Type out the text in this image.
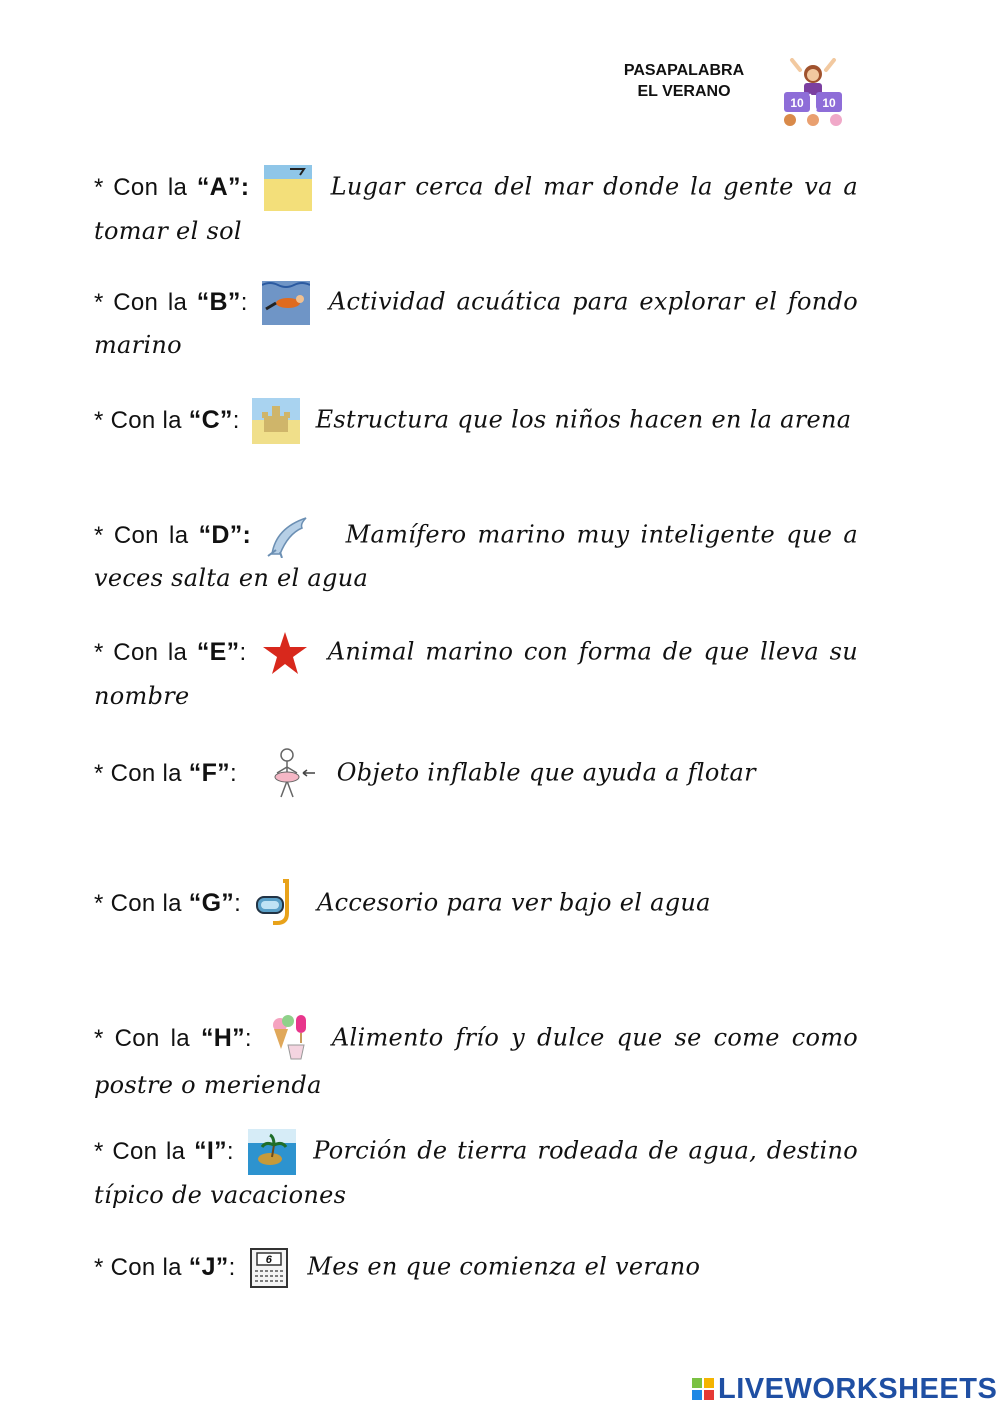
PASAPALABRA
EL VERANO
10 10
* Con la “A”:	Lugar cerca del mar donde la gente va a tomar el sol
* Con la “B”:	Actividad acuática para explorar el fondo marino
* Con la “C”:	Estructura que los niños hacen en la arena
* Con la “D”:	Mamífero marino muy inteligente que a veces salta en el agua
* Con la “E”:	Animal marino con forma de que lleva su nombre
* Con la “F”:	Objeto inflable que ayuda a flotar
* Con la “G”:	Accesorio para ver bajo el agua
* Con la “H”:	Alimento frío y dulce que se come como postre o merienda
* Con la “I”:	Porción de tierra rodeada de agua, destino típico de vacaciones
* Con la “J”:	6 Mes en que comienza el verano
LIVEWORKSHEETS
